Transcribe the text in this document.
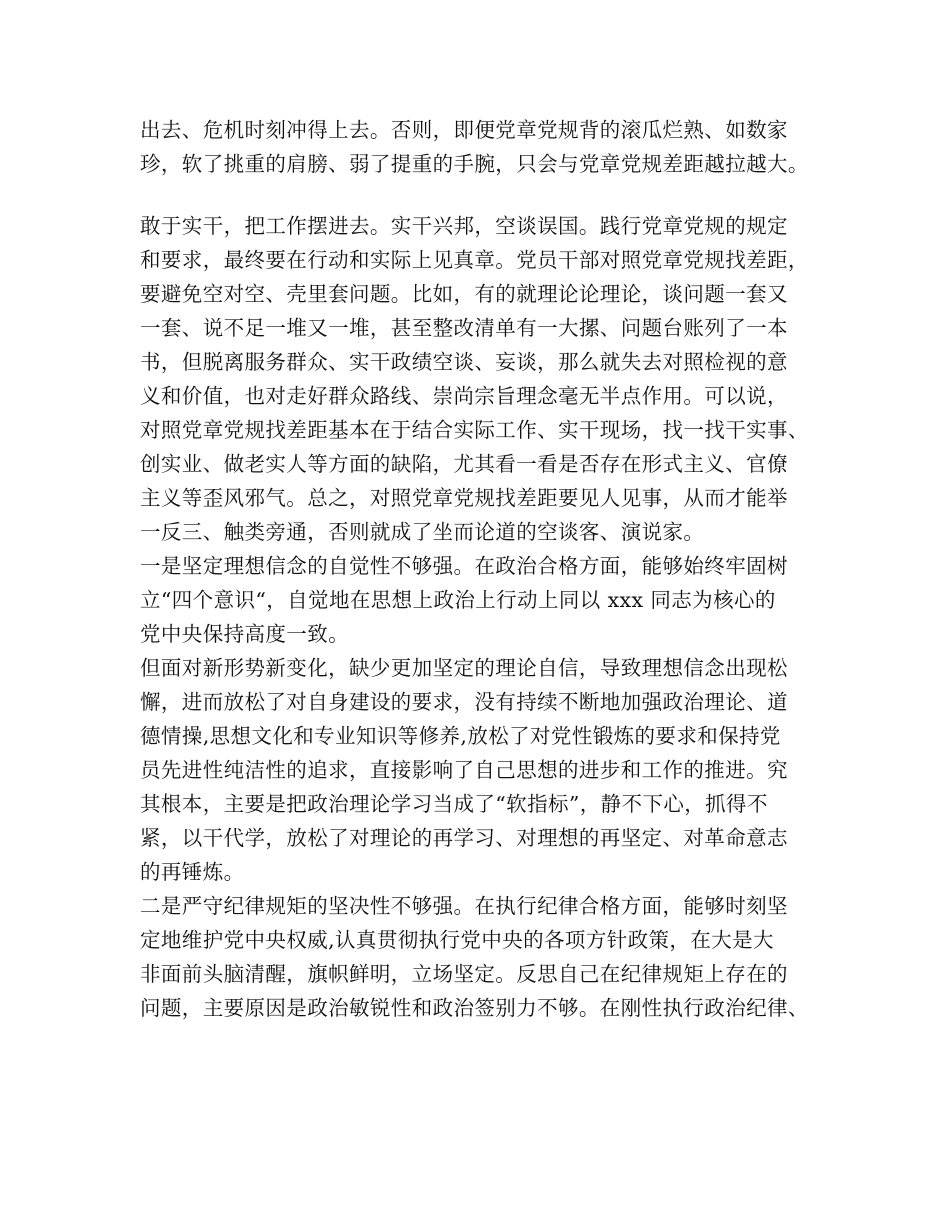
出去、危机时刻冲得上去。否则，即便党章党规背的滚瓜烂熟、如数家
珍，软了挑重的肩膀、弱了提重的手腕，只会与党章党规差距越拉越大。
敢于实干，把工作摆进去。实干兴邦，空谈误国。践行党章党规的规定
和要求，最终要在行动和实际上见真章。党员干部对照党章党规找差距，
要避免空对空、壳里套问题。比如，有的就理论论理论，谈问题一套又
一套、说不足一堆又一堆，甚至整改清单有一大摞、问题台账列了一本
书，但脱离服务群众、实干政绩空谈、妄谈，那么就失去对照检视的意
义和价值，也对走好群众路线、崇尚宗旨理念毫无半点作用。可以说，
对照党章党规找差距基本在于结合实际工作、实干现场，找一找干实事、
创实业、做老实人等方面的缺陷，尤其看一看是否存在形式主义、官僚
主义等歪风邪气。总之，对照党章党规找差距要见人见事，从而才能举
一反三、触类旁通，否则就成了坐而论道的空谈客、演说家。
一是坚定理想信念的自觉性不够强。在政治合格方面，能够始终牢固树
立“四个意识“，自觉地在思想上政治上行动上同以 xxx 同志为核心的
党中央保持高度一致。
但面对新形势新变化，缺少更加坚定的理论自信，导致理想信念出现松
懈，进而放松了对自身建设的要求，没有持续不断地加强政治理论、道
德情操,思想文化和专业知识等修养,放松了对党性锻炼的要求和保持党
员先进性纯洁性的追求，直接影响了自己思想的进步和工作的推进。究
其根本，主要是把政治理论学习当成了“软指标”，静不下心，抓得不
紧，以干代学，放松了对理论的再学习、对理想的再坚定、对革命意志
的再锤炼。
二是严守纪律规矩的坚决性不够强。在执行纪律合格方面，能够时刻坚
定地维护党中央权威,认真贯彻执行党中央的各项方针政策，在大是大
非面前头脑清醒，旗帜鲜明，立场坚定。反思自己在纪律规矩上存在的
问题，主要原因是政治敏锐性和政治签别力不够。在刚性执行政治纪律、
